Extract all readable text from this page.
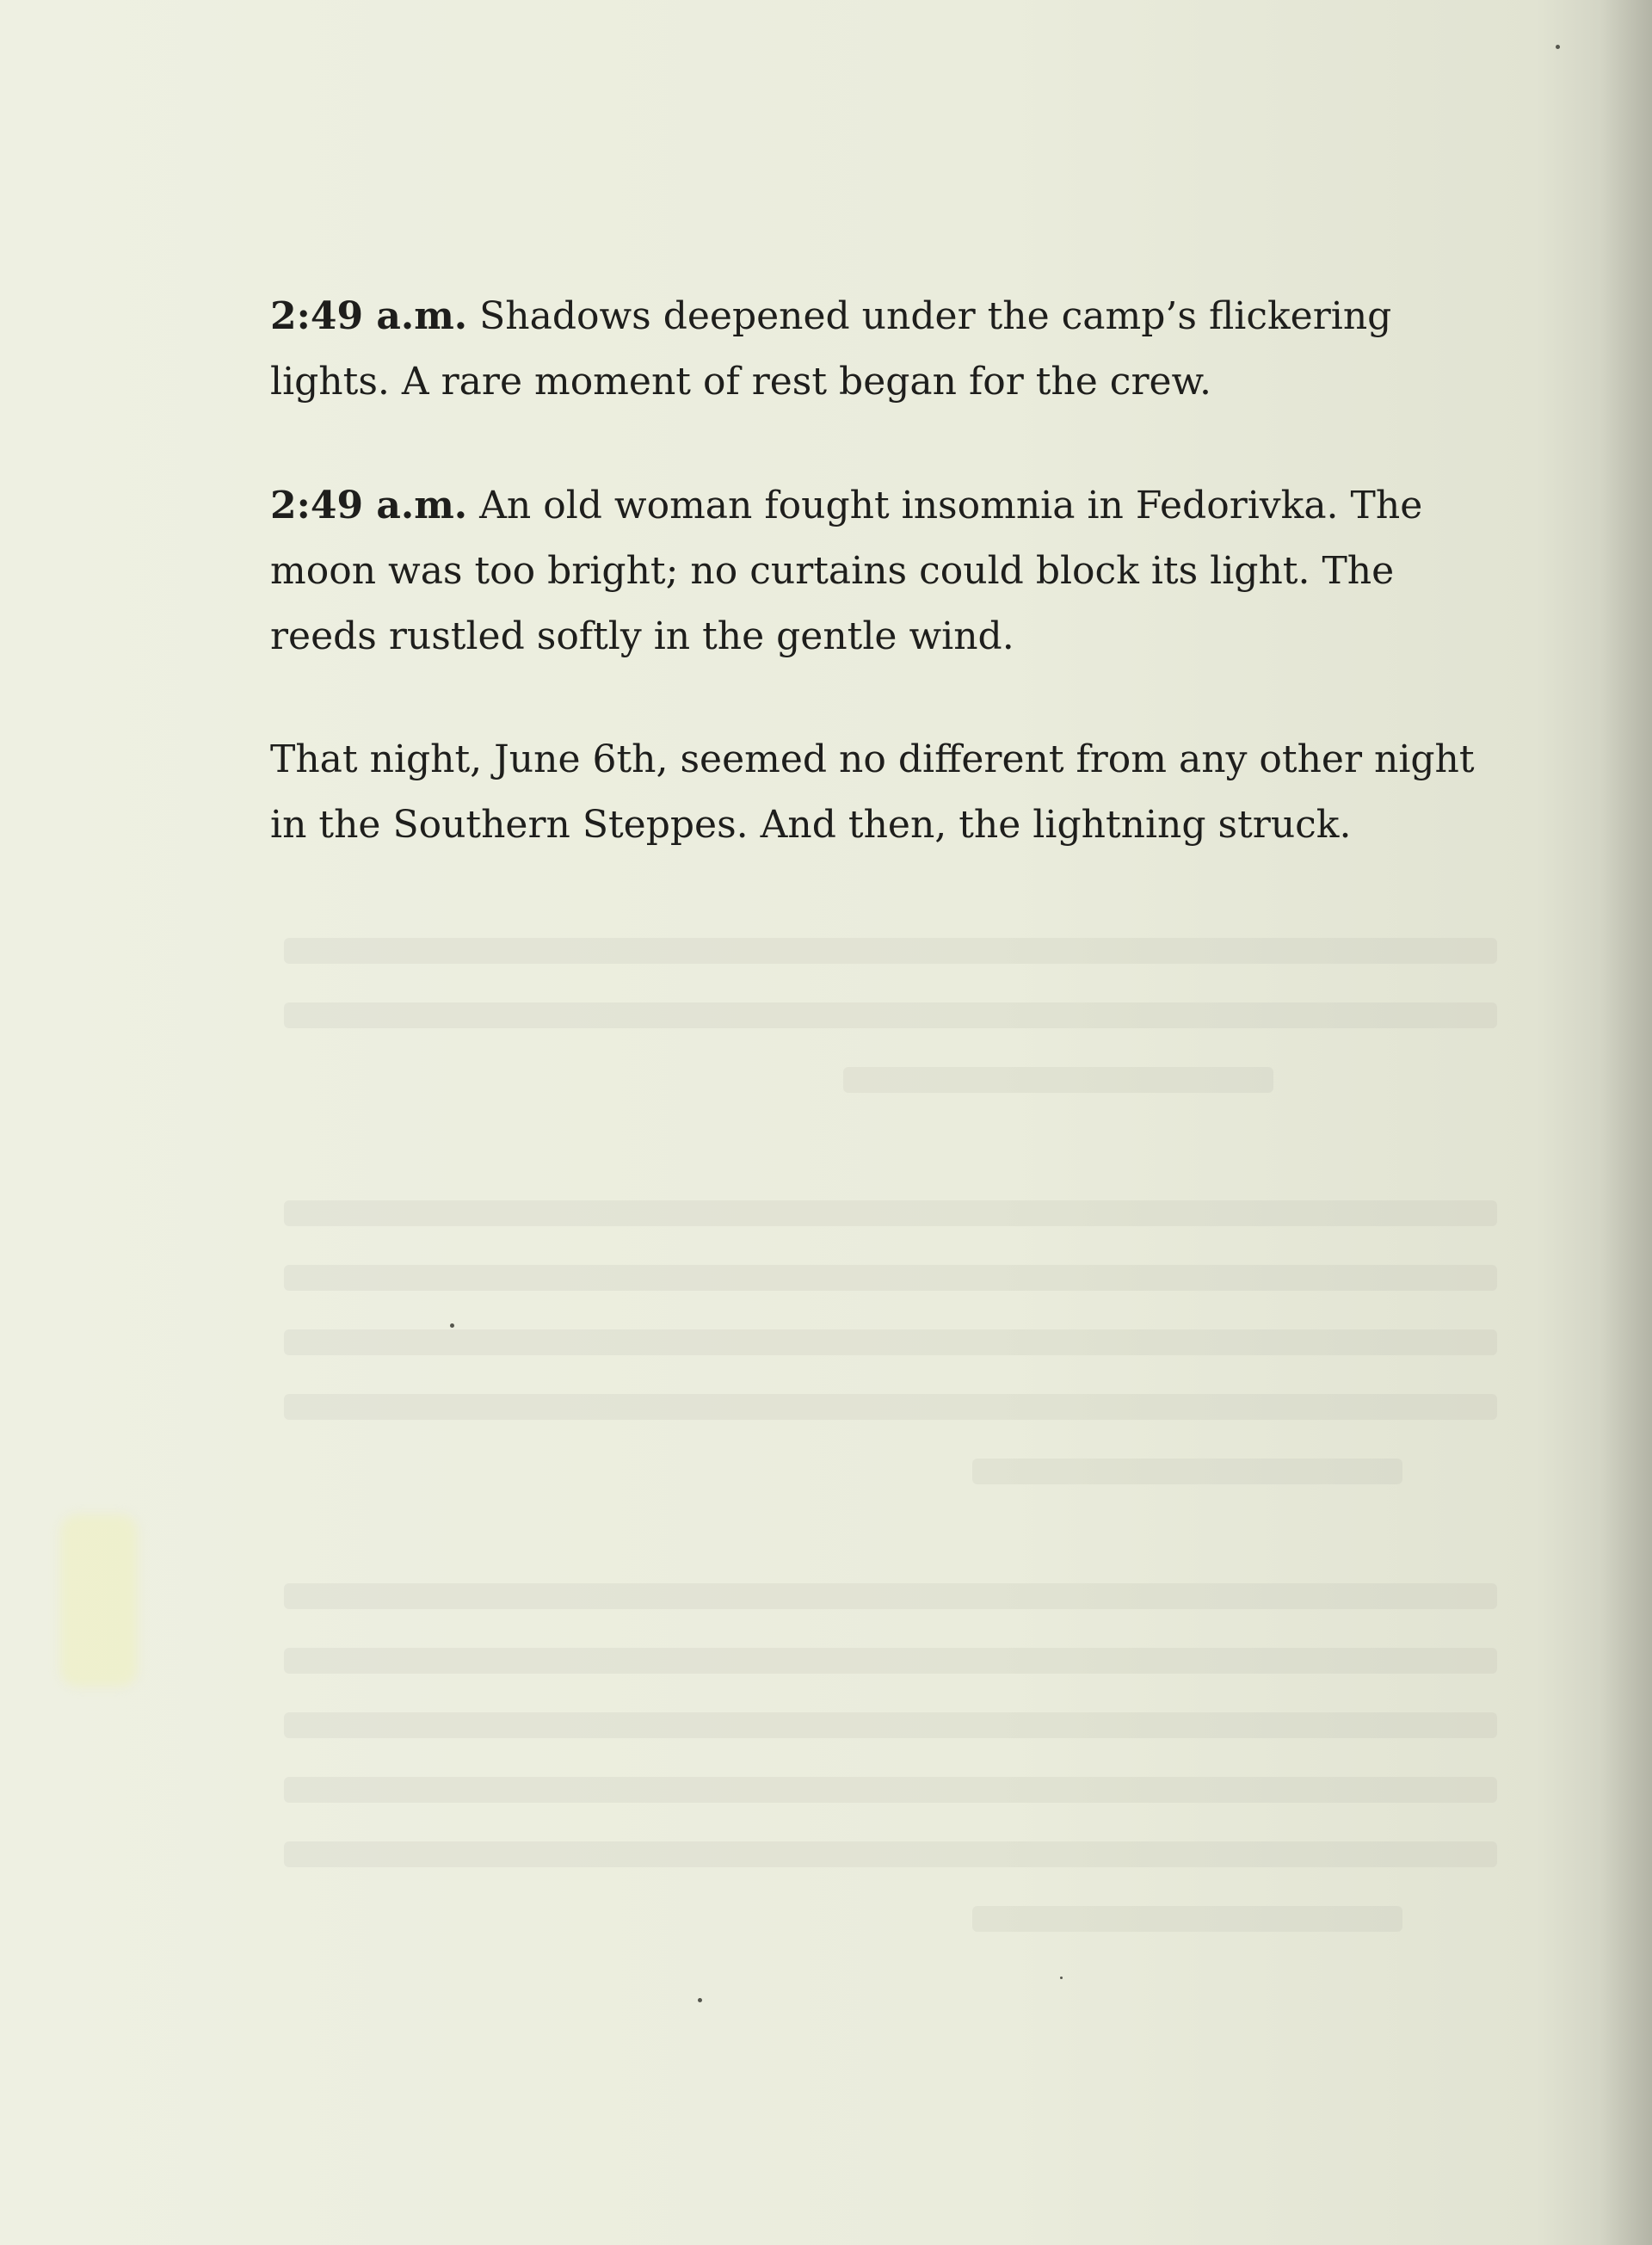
2:49 a.m. Shadows deepened under the camp’s flickering lights. A rare moment of rest began for the crew.

2:49 a.m. An old woman fought insomnia in Fedorivka. The moon was too bright; no curtains could block its light. The reeds rustled softly in the gentle wind.

That night, June 6th, seemed no different from any other night in the Southern Steppes. And then, the lightning struck.
